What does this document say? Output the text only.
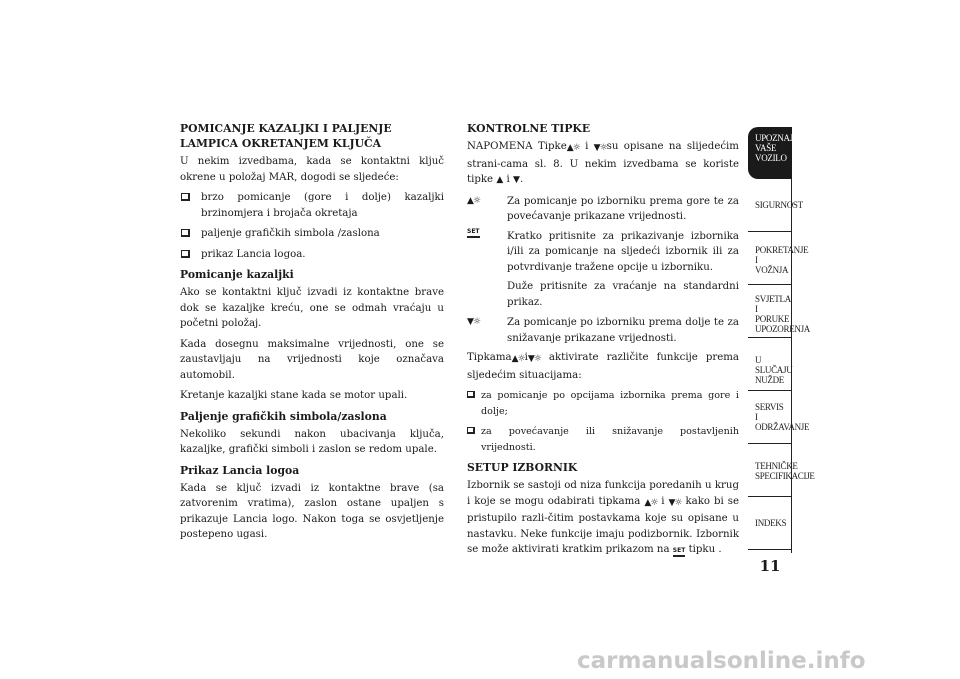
POMICANJE KAZALJKI I PALJENJE LAMPICA OKRETANJEM KLJUČA

U nekim izvedbama, kada se kontaktni ključ okrene u položaj MAR, dogodi se sljedeće:

brzo pomicanje (gore i dolje) kazaljki brzinomjera i brojača okretaja
paljenje grafičkih simbola /zaslona
prikaz Lancia logoa.
Pomicanje kazaljki

Ako se kontaktni ključ izvadi iz kontaktne brave dok se kazaljke kreću, one se odmah vraćaju u početni položaj.

Kada dosegnu maksimalne vrijednosti, one se zaustavljaju na vrijednosti koje označava automobil.

Kretanje kazaljki stane kada se motor upali.

Paljenje grafičkih simbola/zaslona

Nekoliko sekundi nakon ubacivanja ključa, kazaljke, grafički simboli i zaslon se redom upale.

Prikaz Lancia logoa

Kada se ključ izvadi iz kontaktne brave (sa zatvorenim vratima), zaslon ostane upaljen s prikazuje Lancia logo. Nakon toga se osvjetljenje postepeno ugasi.

KONTROLNE TIPKE

NAPOMENA Tipke▲☼ i ▼☼su opisane na slijedećim strani-cama sl. 8. U nekim izvedbama se koriste tipke ▲ i ▼.

▲☼	Za pomicanje po izborniku prema gore te za povećavanje prikazane vrijednosti.
SET	Kratko pritisnite za prikazivanje izbornika i/ili za pomicanje na sljedeći izbornik ili za potvrdivanje tražene opcije u izborniku.

Duže pritisnite za vraćanje na standardni prikaz.

▼☼	Za pomicanje po izborniku prema dolje te za snižavanje prikazane vrijednosti.

Tipkama▲☼i▼☼ aktivirate različite funkcije prema sljedećim situacijama:

za pomicanje po opcijama izbornika prema gore i dolje;
za povećavanje ili snižavanje postavljenih vrijednosti.
SETUP IZBORNIK

Izbornik se sastoji od niza funkcija poredanih u krug i koje se mogu odabirati tipkama ▲☼ i ▼☼ kako bi se pristupilo razli-čitim postavkama koje su opisane u nastavku. Neke funkcije imaju podizbornik. Izbornik se može aktivirati kratkim prikazom na SET tipku .

UPOZNAJTE
VAŠE
VOZILO
SIGURNOST
POKRETANJE
I
VOŽNJA
SVJETLA I
PORUKE
UPOZORENJA
U SLUČAJU
NUŽDE
SERVIS
I
ODRŽAVANJE
TEHNIČKE
SPECIFIKACIJE
INDEKS
11
carmanualsonline.info
